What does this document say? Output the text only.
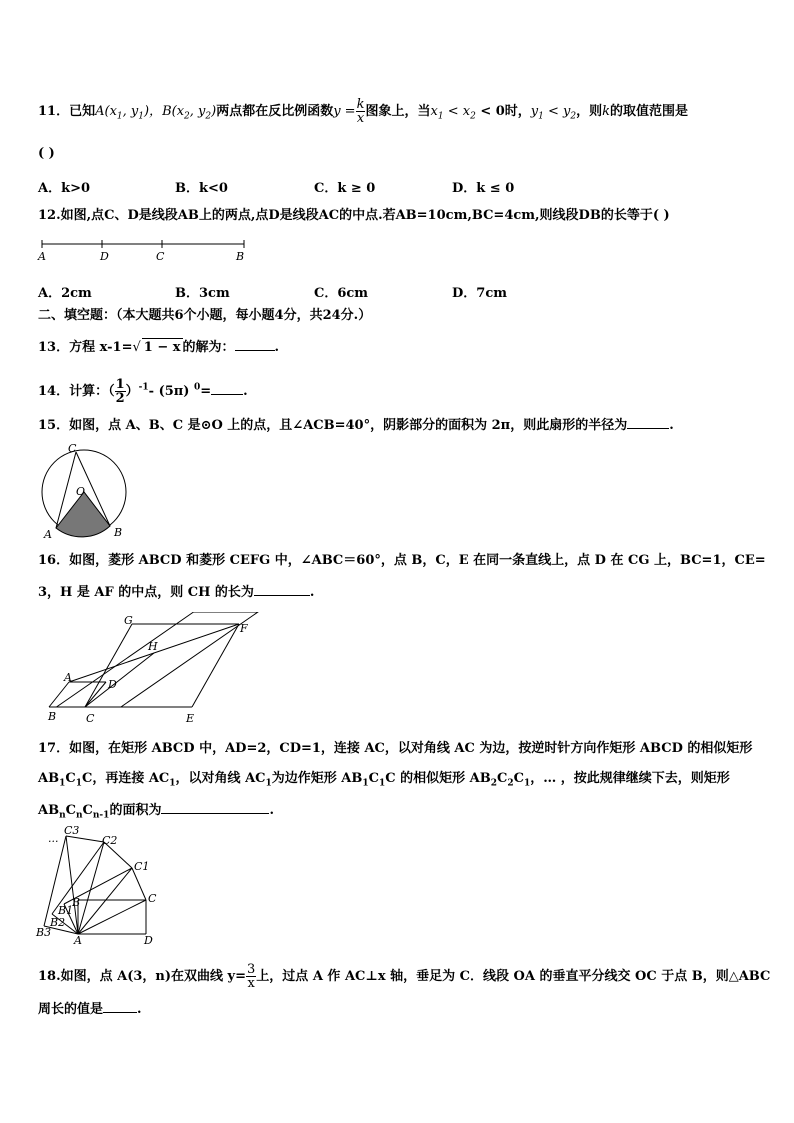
11．已知$A(x_1$, $y_1$)，$B(x_2$, $y_2$)两点都在反比例函数$y = \frac{k}{x}$ 图象上，当$x_1 < x_2 < 0$时，$y_1 < y_2$，则k的取值范围是
( )
A．k>0	B．k<0	C．k ≥ 0	D．k ≤ 0
12.如图,点C、D是线段AB上的两点,点D是线段AC的中点.若AB=10cm,BC=4cm,则线段DB的长等于( )
A	D	C	B
A．2cm	B．3cm	C．6cm	D．7cm
二、填空题：（本大题共6个小题，每小题4分，共24分.）
13．方程 x-1=√ 1 − x 的解为：	.
14．计算：（ $\frac{1}{2} )^{-1}-$ (5π) $^0$= .
15．如图，点 A、B、C 是⊙O 上的点，且∠ACB=40°，阴影部分的面积为 2π，则此扇形的半径为	.
C
O
A	B
16．如图，菱形 ABCD 和菱形 CEFG 中，∠ABC＝60°，点 B，C，E 在同一条直线上，点 D 在 CG 上，BC=1，CE=
3，H 是 AF 的中点，则 CH 的长为	.
G
F
H
A
D
B	C	E
17．如图，在矩形 ABCD 中，AD=2，CD=1，连接 AC，以对角线 AC 为边，按逆时针方向作矩形 ABCD 的相似矩形
$AB_1C_1C$，再连接 $AC_1$，以对角线 $AC_1$为边作矩形 $AB_1C_1C$ 的相似矩形 $AB_2C_2C_1$，… ，按此规律继续下去，则矩形
$AB_nC_nC_{n-1}$的面积为	.
C3
C2
C1
C
B
B1
B2
B3
A	D
...
18.如图，点 A(3，n)在双曲线 $y= \frac{3}{x}$ 上，过点 A 作 AC⊥x 轴，垂足为 C．线段 OA 的垂直平分线交 OC 于点 B，则△ABC
周长的值是	.
